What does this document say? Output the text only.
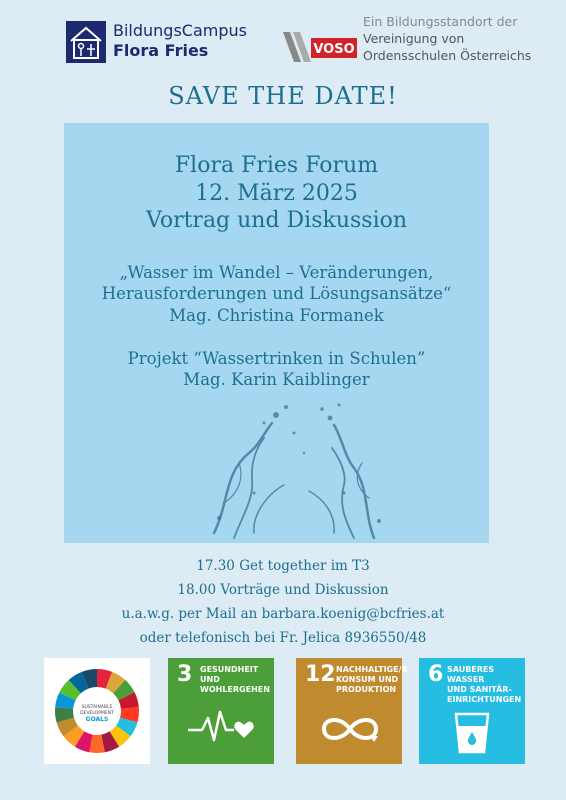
BildungsCampus
Flora Fries	VOSO
Ein Bildungsstandort der
Vereinigung von
Ordensschulen Österreichs
SAVE THE DATE!
Flora Fries Forum
12. März 2025
Vortrag und Diskussion
„Wasser im Wandel – Veränderungen,
Herausforderungen und Lösungsansätze“
Mag. Christina Formanek
Projekt “Wassertrinken in Schulen”
Mag. Karin Kaiblinger
17.30 Get together im T3
18.00 Vorträge und Diskussion
u.a.w.g. per Mail an barbara.koenig@bcfries.at
oder telefonisch bei Fr. Jelica 8936550/48
SUSTAINABLE
DEVELOPMENT
GOALS
3 GESUNDHEIT UND
WOHLERGEHEN
12 NACHHALTIGE/R
KONSUM UND
PRODUKTION
6 SAUBERES WASSER
UND SANITÄR-
EINRICHTUNGEN
